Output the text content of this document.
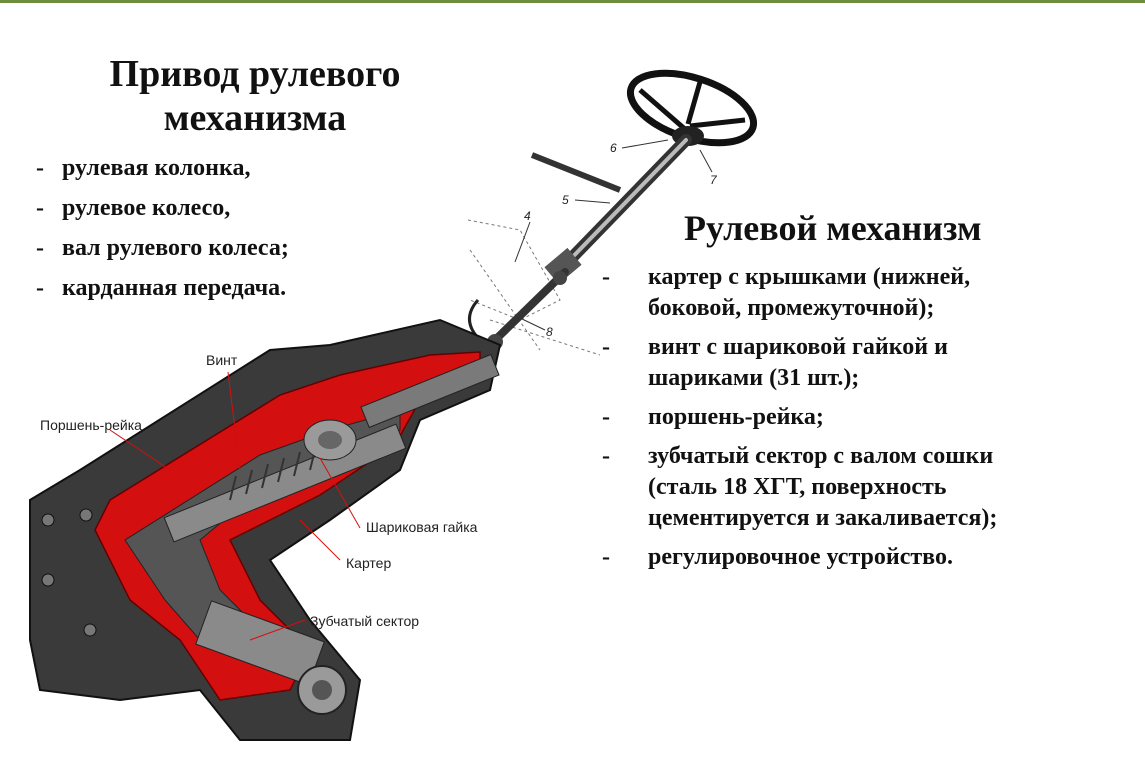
4
5
6
7
8
Винт
Поршень-рейка
Шариковая гайка
Картер
Зубчатый сектор
Привод рулевого
механизма
- рулевая колонка,
- рулевое колесо,
- вал рулевого колеса;
- карданная передача.
Рулевой механизм
-	картер с крышками (нижней,
боковой, промежуточной);
-	винт с шариковой гайкой и
шариками (31 шт.);
-	поршень-рейка;
-	зубчатый сектор с валом сошки
(сталь 18 ХГТ, поверхность
цементируется и закаливается);
-	регулировочное устройство.
